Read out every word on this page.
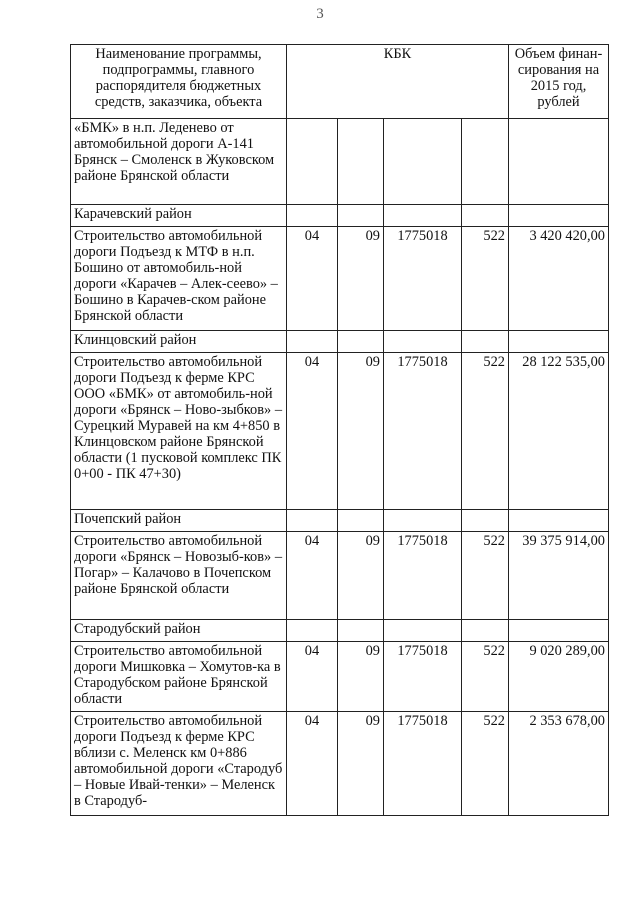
3
Наименование программы, подпрограммы, главного распорядителя бюджетных средств, заказчика, объекта	КБК				Объем финан-сирования на 2015 год, рублей
«БМК» в н.п. Леденево от автомобильной дороги А-141 Брянск – Смоленск в Жуковском районе Брянской области					
Карачевский район					
Строительство автомобильной дороги Подъезд к МТФ в н.п. Бошино от автомобиль-ной дороги «Карачев – Алек-сеево» – Бошино в Карачев-ском районе Брянской области	04	09	1775018	522	3 420 420,00
Клинцовский район					
Строительство автомобильной дороги Подъезд к ферме КРС ООО «БМК» от автомобиль-ной дороги «Брянск – Ново-зыбков» – Сурецкий Муравей на км 4+850 в Клинцовском районе Брянской области (1 пусковой комплекс ПК 0+00 - ПК 47+30)	04	09	1775018	522	28 122 535,00
Почепский район					
Строительство автомобильной дороги «Брянск – Новозыб-ков» – Погар» – Калачово в Почепском районе Брянской области	04	09	1775018	522	39 375 914,00
Стародубский район					
Строительство автомобильной дороги Мишковка – Хомутов-ка в Стародубском районе Брянской области	04	09	1775018	522	9 020 289,00
Строительство автомобильной дороги Подъезд к ферме КРС вблизи с. Меленск км 0+886 автомобильной дороги «Стародуб – Новые Ивай-тенки» – Меленск в Стародуб-	04	09	1775018	522	2 353 678,00
